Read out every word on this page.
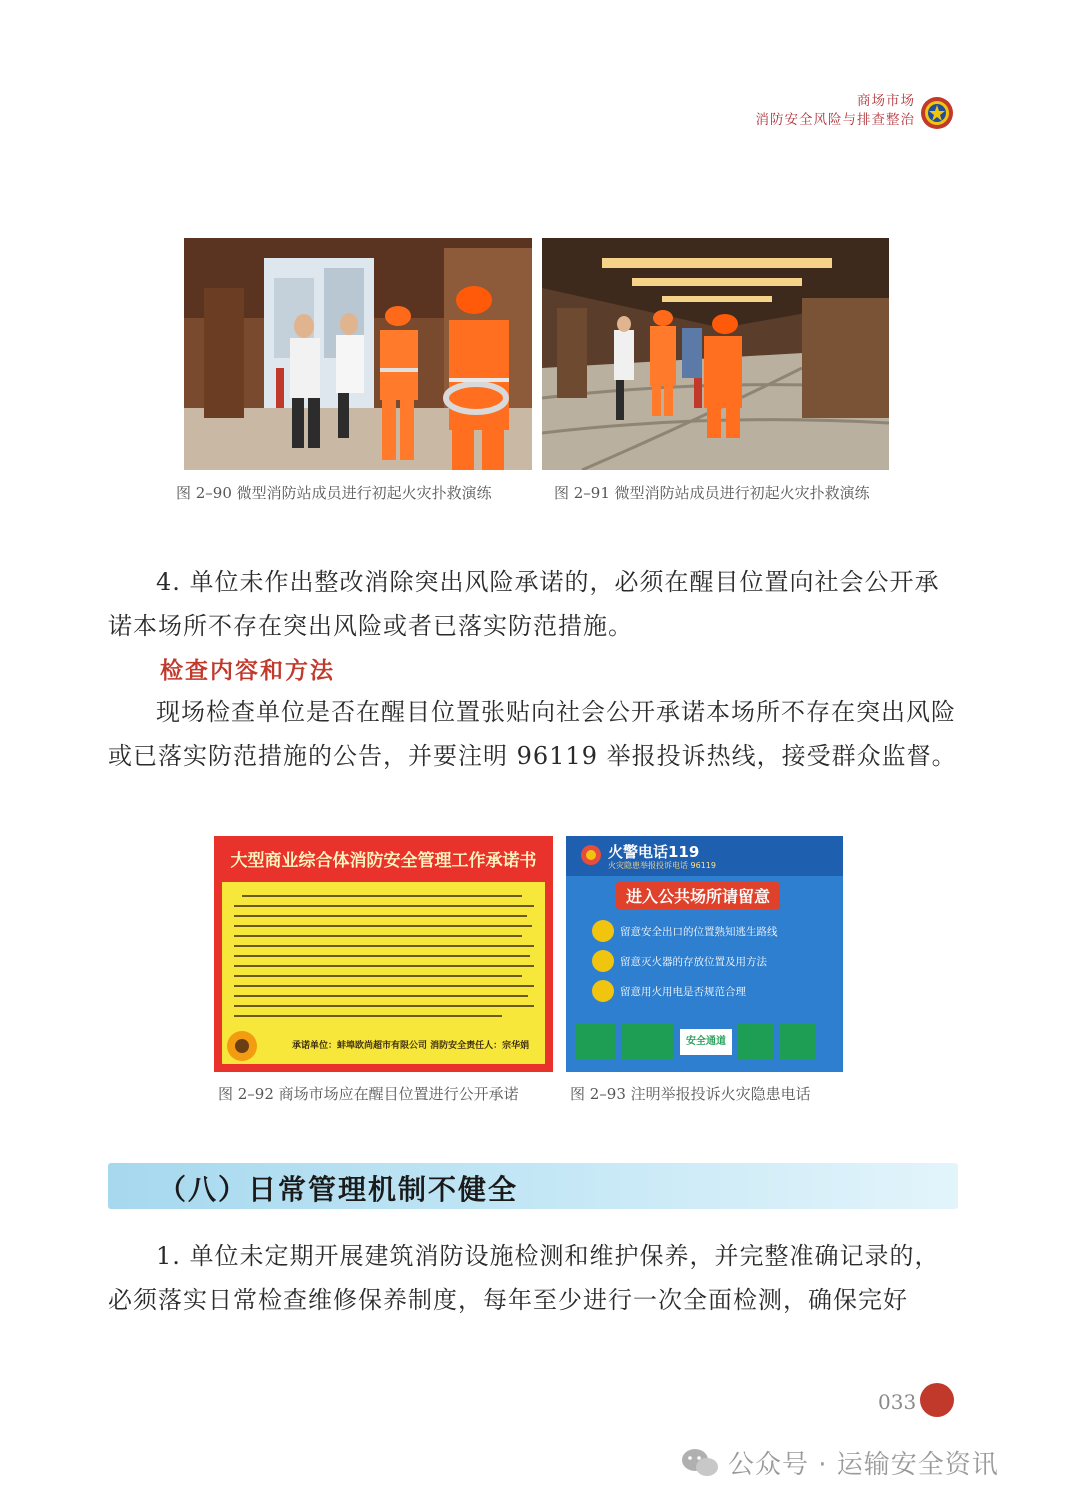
商场市场
消防安全风险与排查整治
图 2–90 微型消防站成员进行初起火灾扑救演练	图 2–91 微型消防站成员进行初起火灾扑救演练

4. 单位未作出整改消除突出风险承诺的，必须在醒目位置向社会公开承诺本场所不存在突出风险或者已落实防范措施。

检查内容和方法

现场检查单位是否在醒目位置张贴向社会公开承诺本场所不存在突出风险或已落实防范措施的公告，并要注明 96119 举报投诉热线，接受群众监督。

大型商业综合体消防安全管理工作承诺书
承诺单位：蚌埠欧尚超市有限公司 消防安全责任人：宗华娟
图 2–92 商场市场应在醒目位置进行公开承诺
火警电话119
火灾隐患举报投诉电话 96119
进入公共场所请留意
留意安全出口的位置熟知逃生路线
留意灭火器的存放位置及用方法
留意用火用电是否规范合理
安全通道
图 2–93 注明举报投诉火灾隐患电话
（八）日常管理机制不健全

1. 单位未定期开展建筑消防设施检测和维护保养，并完整准确记录的，必须落实日常检查维修保养制度，每年至少进行一次全面检测，确保完好

033
公众号 · 运输安全资讯
